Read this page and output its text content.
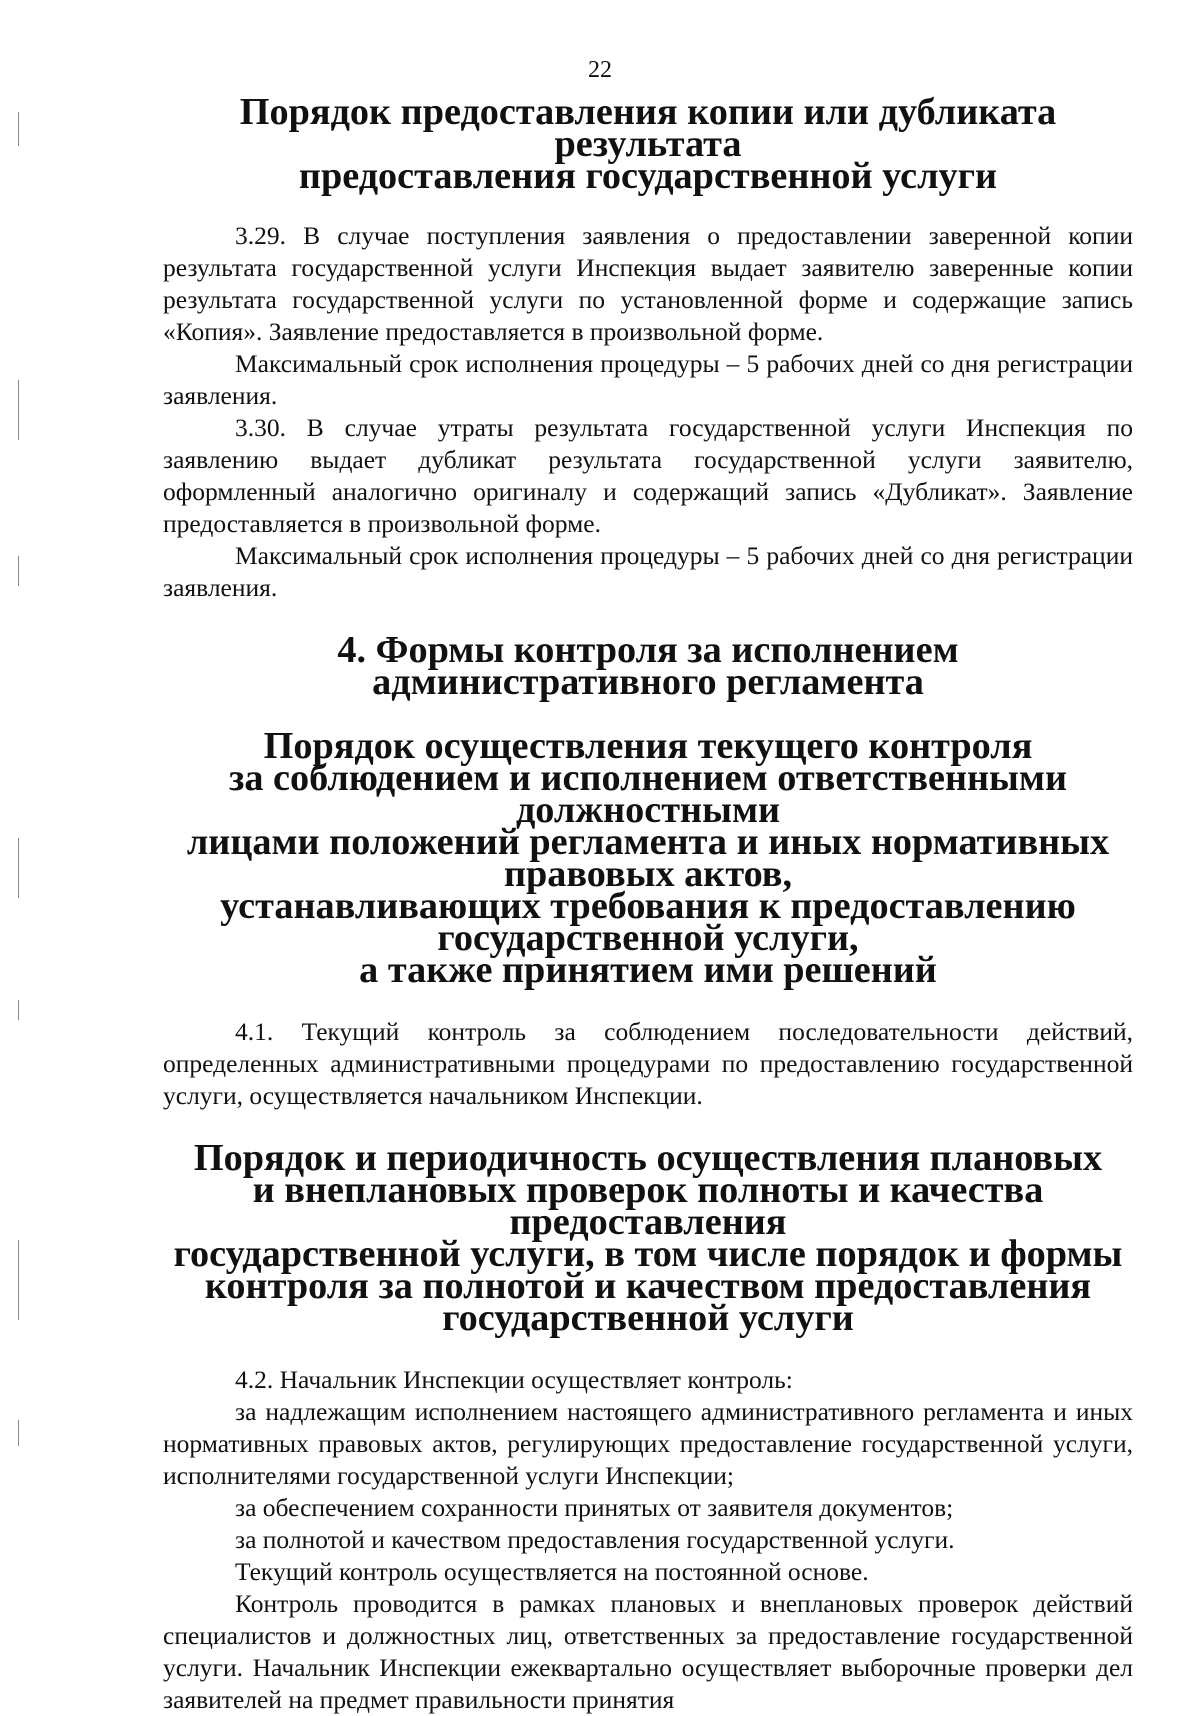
22
Порядок предоставления копии или дубликата результата
предоставления государственной услуги

3.29. В случае поступления заявления о предоставлении заверенной копии результата государственной услуги Инспекция выдает заявителю заверенные копии результата государственной услуги по установленной форме и содержащие запись «Копия». Заявление предоставляется в произвольной форме.

Максимальный срок исполнения процедуры – 5 рабочих дней со дня регистрации заявления.

3.30. В случае утраты результата государственной услуги Инспекция по заявлению выдает дубликат результата государственной услуги заявителю, оформленный аналогично оригиналу и содержащий запись «Дубликат». Заявление предоставляется в произвольной форме.

Максимальный срок исполнения процедуры – 5 рабочих дней со дня регистрации заявления.

4. Формы контроля за исполнением административного регламента
Порядок осуществления текущего контроля
за соблюдением и исполнением ответственными должностными
лицами положений регламента и иных нормативных правовых актов,
устанавливающих требования к предоставлению государственной услуги,
а также принятием ими решений

4.1. Текущий контроль за соблюдением последовательности действий, определенных административными процедурами по предоставлению государственной услуги, осуществляется начальником Инспекции.

Порядок и периодичность осуществления плановых
и внеплановых проверок полноты и качества предоставления
государственной услуги, в том числе порядок и формы
контроля за полнотой и качеством предоставления
государственной услуги

4.2. Начальник Инспекции осуществляет контроль:

за надлежащим исполнением настоящего административного регламента и иных нормативных правовых актов, регулирующих предоставление государственной услуги, исполнителями государственной услуги Инспекции;

за обеспечением сохранности принятых от заявителя документов;

за полнотой и качеством предоставления государственной услуги.

Текущий контроль осуществляется на постоянной основе.

Контроль проводится в рамках плановых и внеплановых проверок действий специалистов и должностных лиц, ответственных за предоставление государственной услуги. Начальник Инспекции ежеквартально осуществляет выборочные проверки дел заявителей на предмет правильности принятия
